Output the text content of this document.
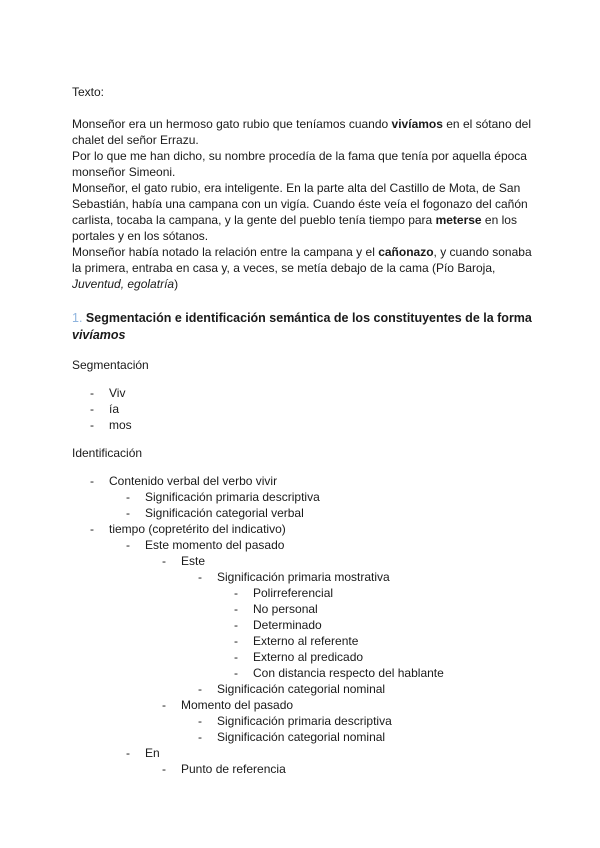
Texto:

Monseñor era un hermoso gato rubio que teníamos cuando vivíamos en el sótano del chalet del señor Errazu.

Por lo que me han dicho, su nombre procedía de la fama que tenía por aquella época monseñor Simeoni.

Monseñor, el gato rubio, era inteligente. En la parte alta del Castillo de Mota, de San Sebastián, había una campana con un vigía. Cuando éste veía el fogonazo del cañón carlista, tocaba la campana, y la gente del pueblo tenía tiempo para meterse en los portales y en los sótanos.

Monseñor había notado la relación entre la campana y el cañonazo, y cuando sonaba la primera, entraba en casa y, a veces, se metía debajo de la cama (Pío Baroja, Juventud, egolatría)

1. Segmentación e identificación semántica de los constituyentes de la forma vivíamos

Segmentación

- Viv
- ía
- mos

Identificación

- Contenido verbal del verbo vivir
- Significación primaria descriptiva
- Significación categorial verbal
- tiempo (copretérito del indicativo)
- Este momento del pasado
- Este
- Significación primaria mostrativa
- Polirreferencial
- No personal
- Determinado
- Externo al referente
- Externo al predicado
- Con distancia respecto del hablante
- Significación categorial nominal
- Momento del pasado
- Significación primaria descriptiva
- Significación categorial nominal
- En
- Punto de referencia
